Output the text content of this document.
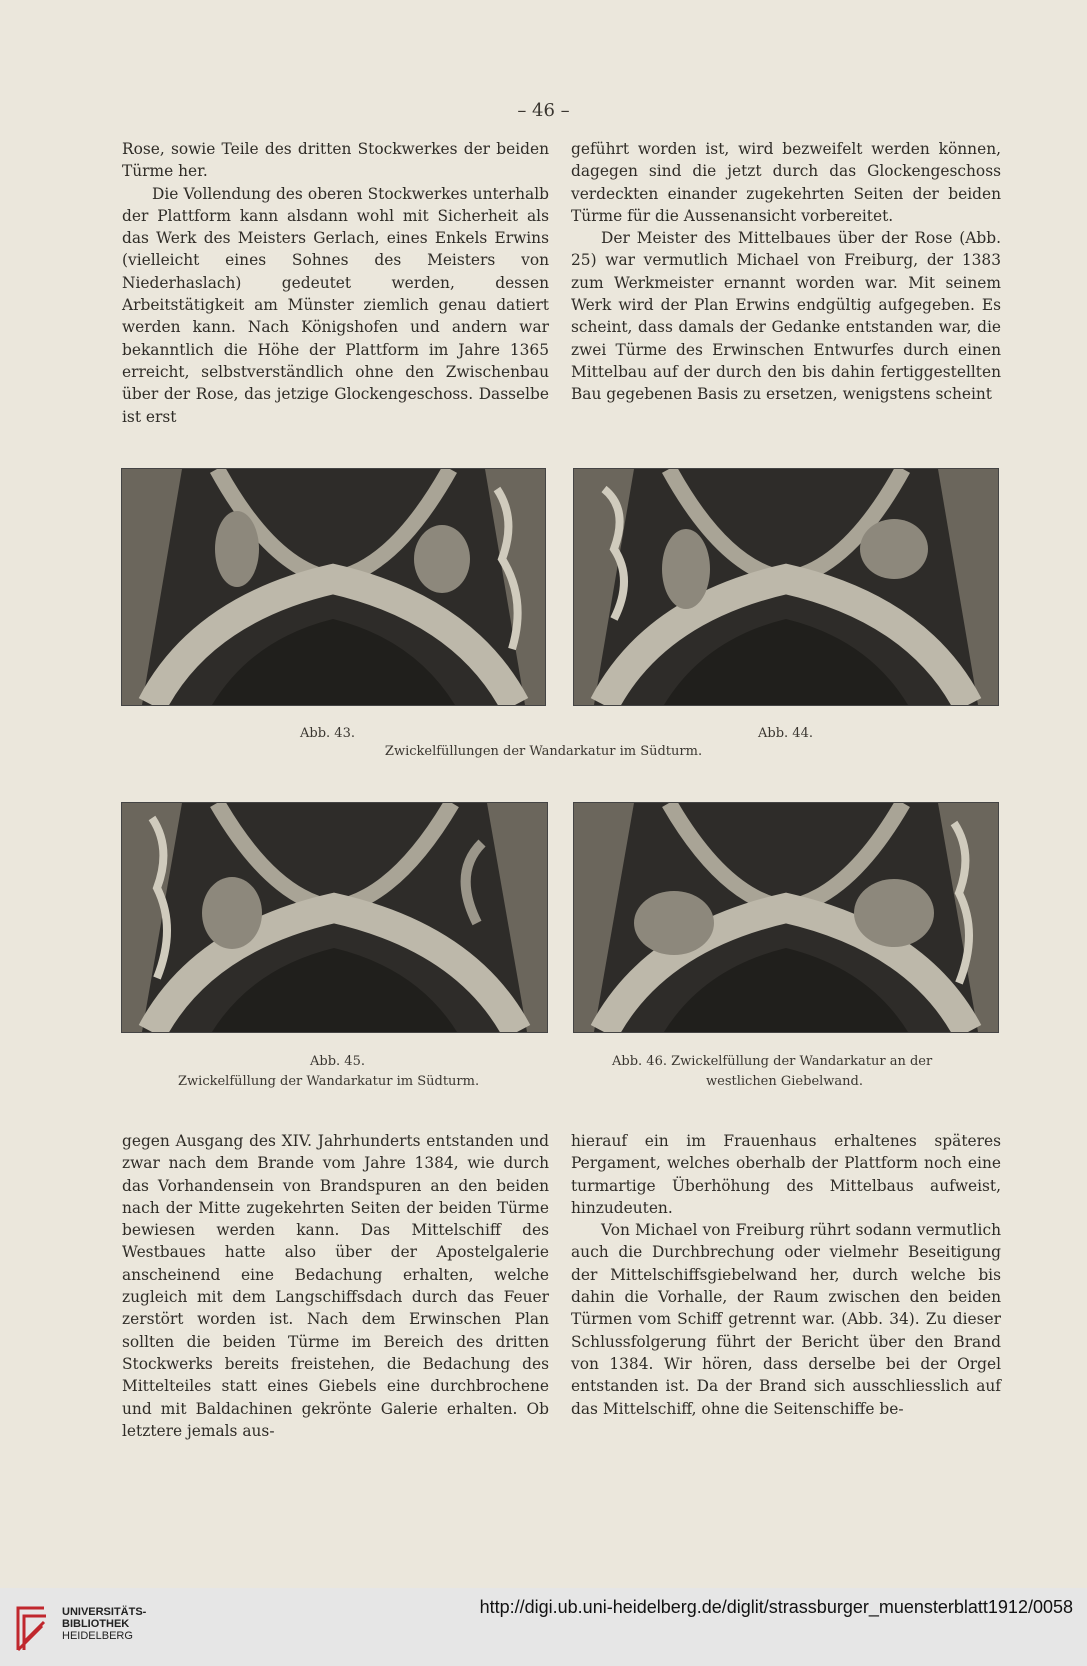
– 46 –

Rose, sowie Teile des dritten Stockwerkes der beiden Türme her.

Die Vollendung des oberen Stockwerkes unterhalb der Plattform kann alsdann wohl mit Sicherheit als das Werk des Meisters Gerlach, eines Enkels Erwins (vielleicht eines Sohnes des Meisters von Niederhaslach) gedeutet werden, dessen Arbeitstätigkeit am Münster ziemlich genau datiert werden kann. Nach Königshofen und andern war bekanntlich die Höhe der Plattform im Jahre 1365 erreicht, selbstverständlich ohne den Zwischenbau über der Rose, das jetzige Glockengeschoss. Dasselbe ist erst

geführt worden ist, wird bezweifelt werden können, dagegen sind die jetzt durch das Glockengeschoss verdeckten einander zugekehrten Seiten der beiden Türme für die Aussenansicht vorbereitet.

Der Meister des Mittelbaues über der Rose (Abb. 25) war vermutlich Michael von Freiburg, der 1383 zum Werkmeister ernannt worden war. Mit seinem Werk wird der Plan Erwins endgültig aufgegeben. Es scheint, dass damals der Gedanke entstanden war, die zwei Türme des Erwinschen Entwurfes durch einen Mittelbau auf der durch den bis dahin fertiggestellten Bau gegebenen Basis zu ersetzen, wenigstens scheint

Abb. 43.	Abb. 44.
Zwickelfüllungen der Wandarkatur im Südturm.
Abb. 45.
Zwickelfüllung der Wandarkatur im Südturm.
Abb. 46. Zwickelfüllung der Wandarkatur an der
westlichen Giebelwand.

gegen Ausgang des XIV. Jahrhunderts entstanden und zwar nach dem Brande vom Jahre 1384, wie durch das Vorhandensein von Brandspuren an den beiden nach der Mitte zugekehrten Seiten der beiden Türme bewiesen werden kann. Das Mittelschiff des Westbaues hatte also über der Apostelgalerie anscheinend eine Bedachung erhalten, welche zugleich mit dem Langschiffsdach durch das Feuer zerstört worden ist. Nach dem Erwinschen Plan sollten die beiden Türme im Bereich des dritten Stockwerks bereits freistehen, die Bedachung des Mittelteiles statt eines Giebels eine durchbrochene und mit Baldachinen gekrönte Galerie erhalten. Ob letztere jemals aus-

hierauf ein im Frauenhaus erhaltenes späteres Pergament, welches oberhalb der Plattform noch eine turmartige Überhöhung des Mittelbaus aufweist, hinzudeuten.

Von Michael von Freiburg rührt sodann vermutlich auch die Durchbrechung oder vielmehr Beseitigung der Mittelschiffsgiebelwand her, durch welche bis dahin die Vorhalle, der Raum zwischen den beiden Türmen vom Schiff getrennt war. (Abb. 34). Zu dieser Schlussfolgerung führt der Bericht über den Brand von 1384. Wir hören, dass derselbe bei der Orgel entstanden ist. Da der Brand sich ausschliesslich auf das Mittelschiff, ohne die Seitenschiffe be-

UNIVERSITÄTS-
BIBLIOTHEK
HEIDELBERG
http://digi.ub.uni-heidelberg.de/diglit/strassburger_muensterblatt1912/0058
